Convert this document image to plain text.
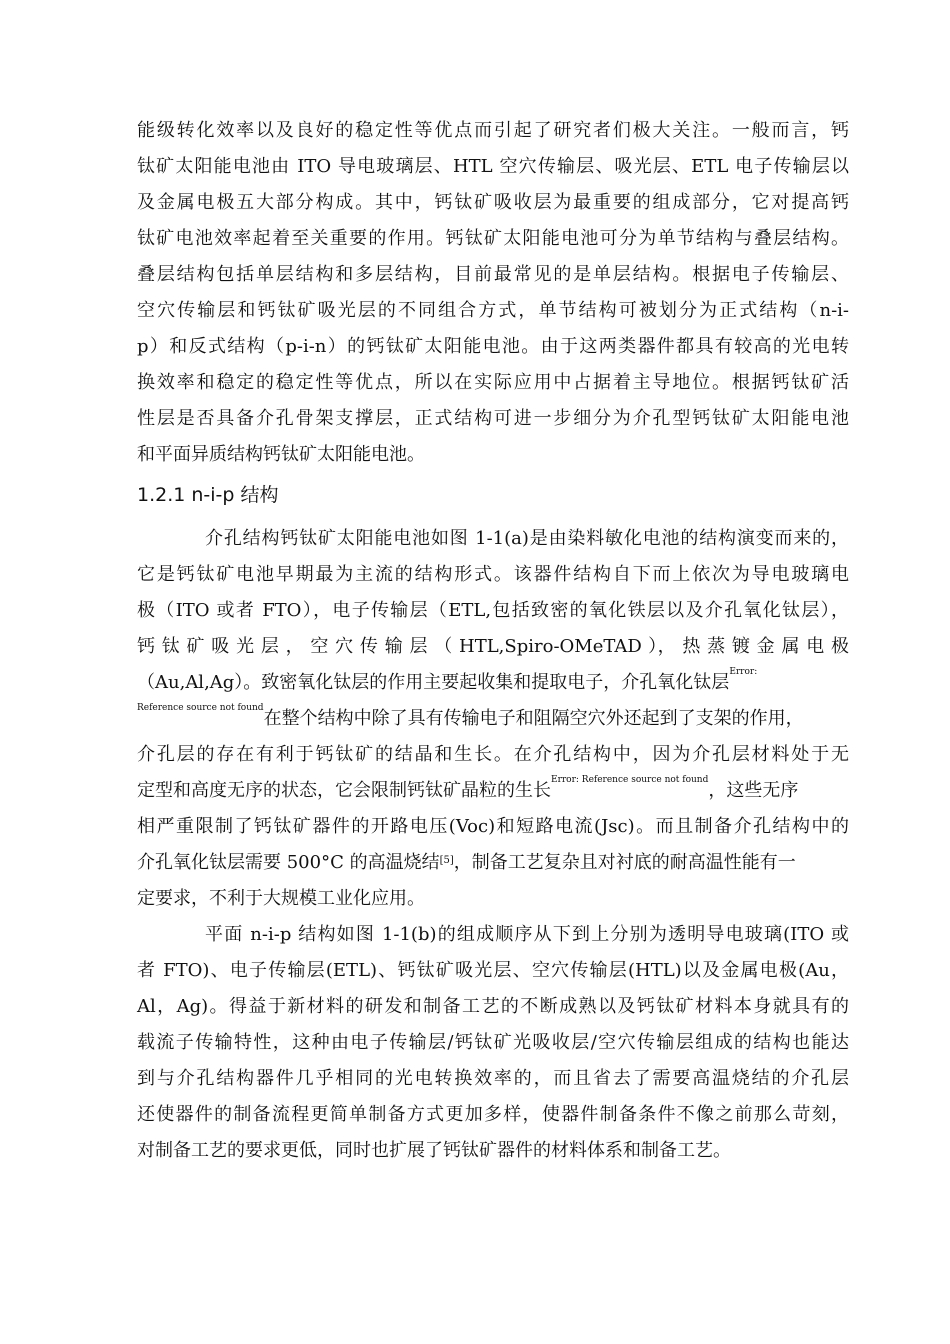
能级转化效率以及良好的稳定性等优点而引起了研究者们极大关注。一般而言，钙
钛矿太阳能电池由 ITO 导电玻璃层、HTL 空穴传输层、吸光层、ETL 电子传输层以
及金属电极五大部分构成。其中，钙钛矿吸收层为最重要的组成部分，它对提高钙
钛矿电池效率起着至关重要的作用。钙钛矿太阳能电池可分为单节结构与叠层结构。
叠层结构包括单层结构和多层结构，目前最常见的是单层结构。根据电子传输层、
空穴传输层和钙钛矿吸光层的不同组合方式，单节结构可被划分为正式结构（n-i-
p）和反式结构（p-i-n）的钙钛矿太阳能电池。由于这两类器件都具有较高的光电转
换效率和稳定的稳定性等优点，所以在实际应用中占据着主导地位。根据钙钛矿活
性层是否具备介孔骨架支撑层，正式结构可进一步细分为介孔型钙钛矿太阳能电池
和平面异质结构钙钛矿太阳能电池。
1.2.1 n-i-p 结构
介孔结构钙钛矿太阳能电池如图 1-1(a)是由染料敏化电池的结构演变而来的，
它是钙钛矿电池早期最为主流的结构形式。该器件结构自下而上依次为导电玻璃电
极（ITO 或者 FTO），电子传输层（ETL,包括致密的氧化铁层以及介孔氧化钛层），
钙 钛 矿 吸 光 层 ， 空 穴 传 输 层 （ HTL,Spiro-OMeTAD ）， 热 蒸 镀 金 属 电 极
（Au,Al,Ag）。致密氧化钛层的作用主要起收集和提取电子，介孔氧化钛层$^{Error:}$
$^{Reference source not found}$在整个结构中除了具有传输电子和阻隔空穴外还起到了支架的作用，
介孔层的存在有利于钙钛矿的结晶和生长。在介孔结构中，因为介孔层材料处于无
定型和高度无序的状态，它会限制钙钛矿晶粒的生长$^{Error: Reference source not found}$，这些无序
相严重限制了钙钛矿器件的开路电压(Voc)和短路电流(Jsc)。而且制备介孔结构中的
介孔氧化钛层需要 500°C 的高温烧结[5]，制备工艺复杂且对衬底的耐高温性能有一
定要求，不利于大规模工业化应用。
平面 n-i-p 结构如图 1-1(b)的组成顺序从下到上分别为透明导电玻璃(ITO 或
者 FTO)、电子传输层(ETL)、钙钛矿吸光层、空穴传输层(HTL)以及金属电极(Au，
Al，Ag)。得益于新材料的研发和制备工艺的不断成熟以及钙钛矿材料本身就具有的
载流子传输特性，这种由电子传输层/钙钛矿光吸收层/空穴传输层组成的结构也能达
到与介孔结构器件几乎相同的光电转换效率的，而且省去了需要高温烧结的介孔层
还使器件的制备流程更简单制备方式更加多样，使器件制备条件不像之前那么苛刻，
对制备工艺的要求更低，同时也扩展了钙钛矿器件的材料体系和制备工艺。
